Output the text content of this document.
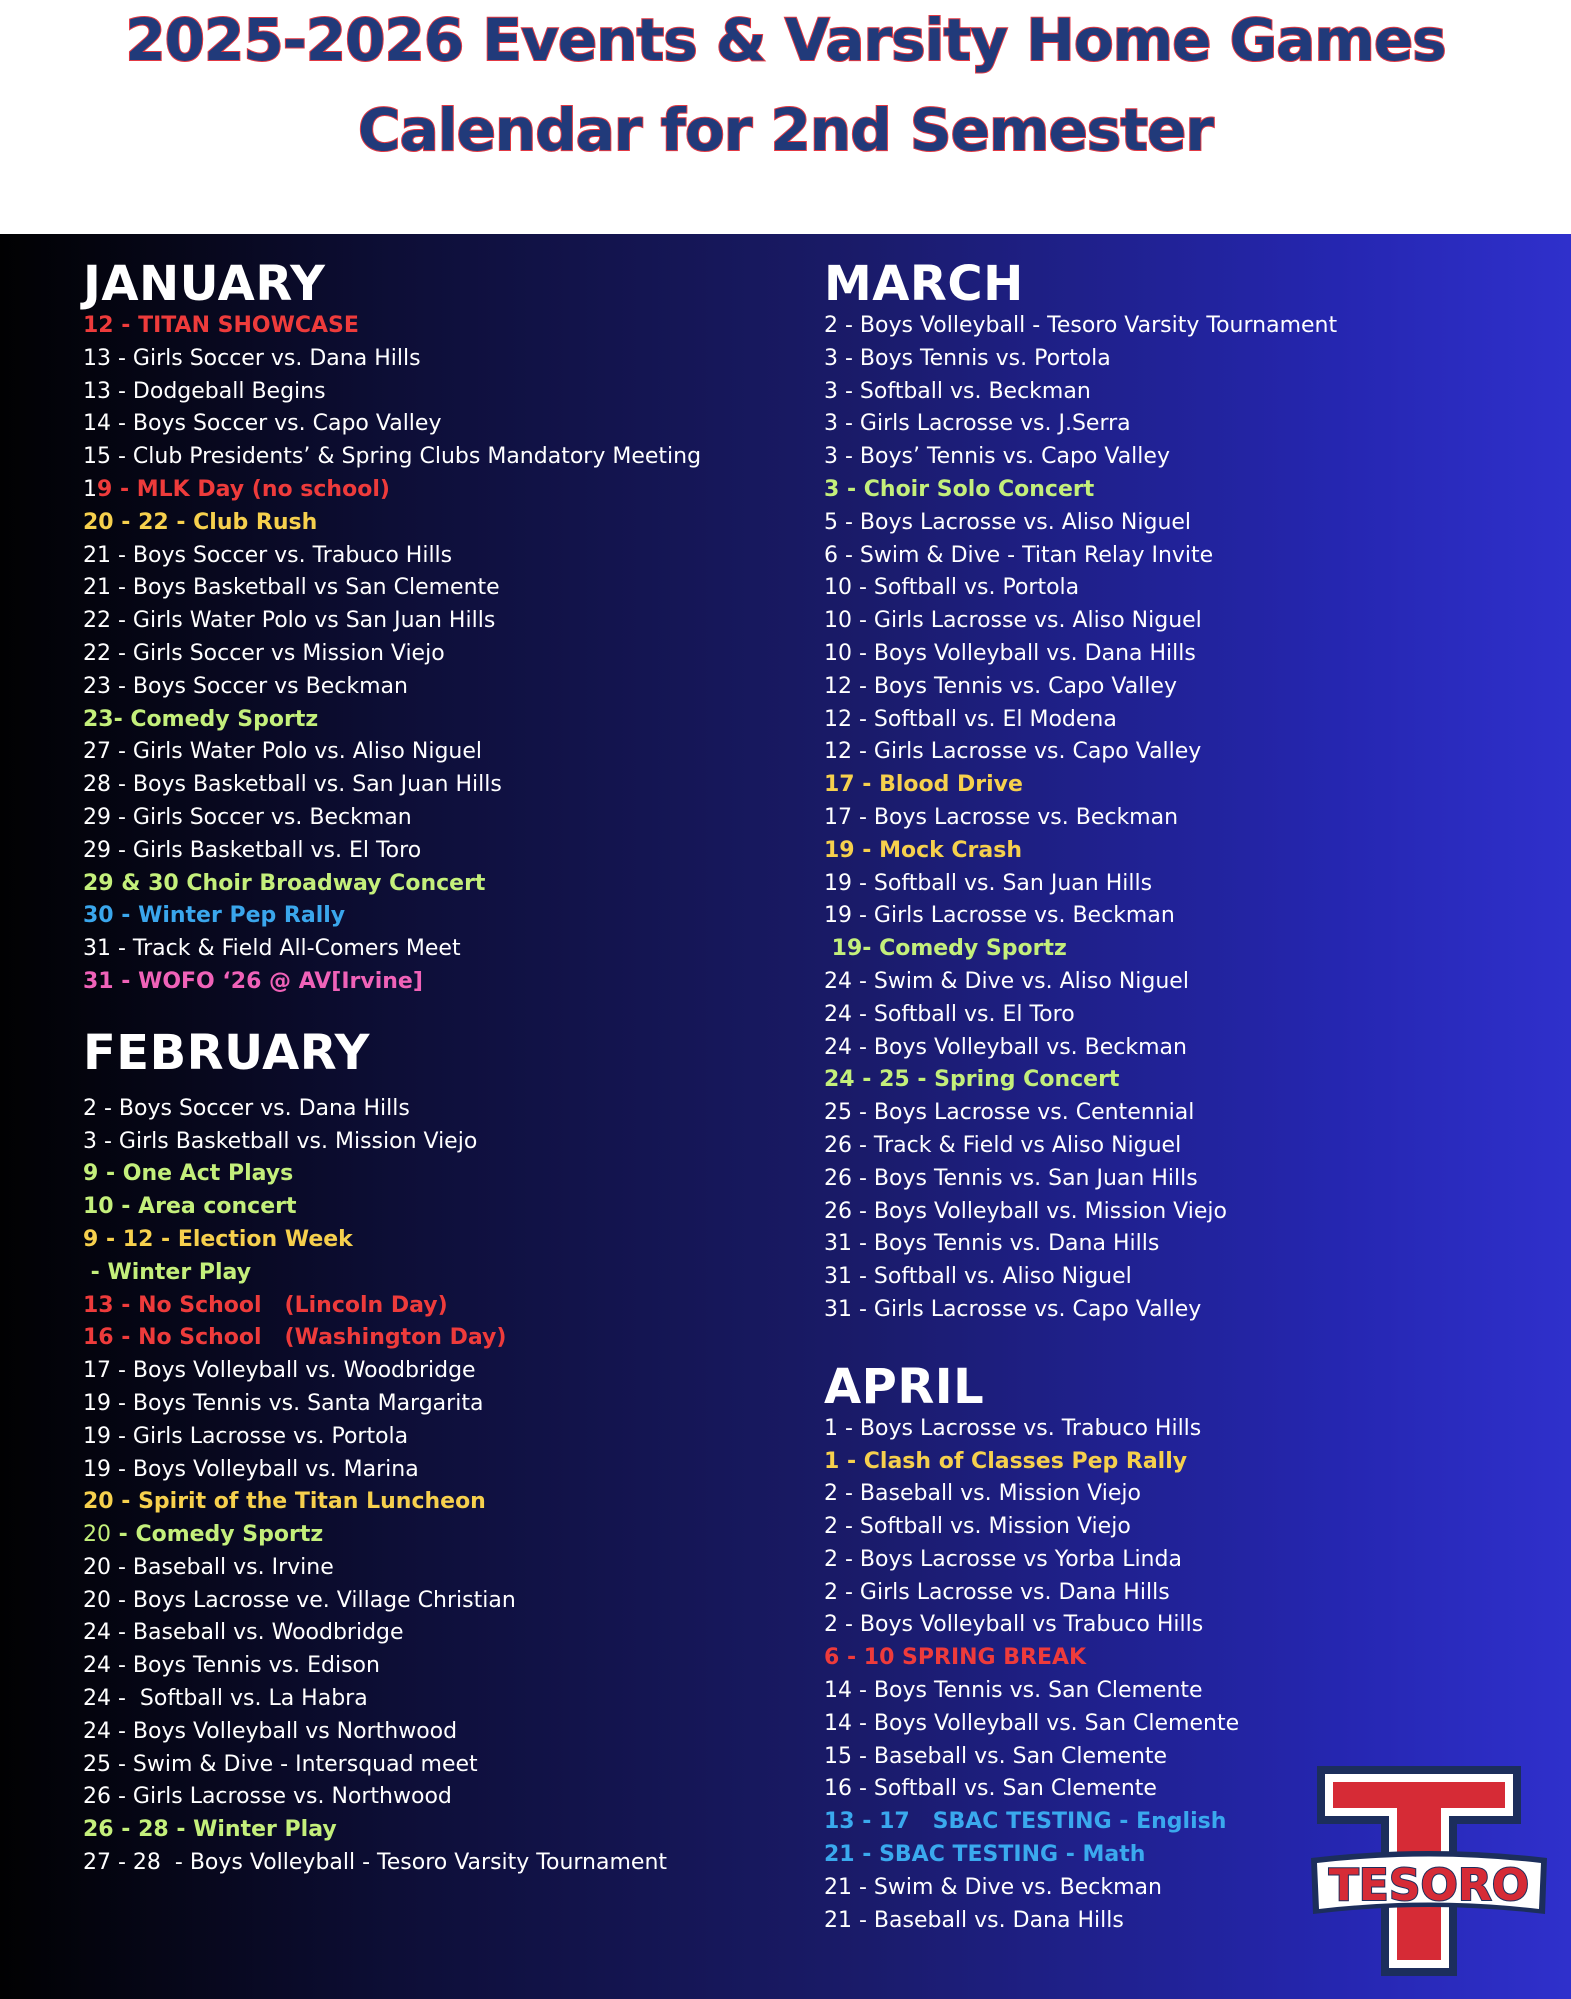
2025-2026 Events & Varsity Home Games
Calendar for 2nd Semester
JANUARY
12 - TITAN SHOWCASE
13 - Girls Soccer vs. Dana Hills
13 - Dodgeball Begins
14 - Boys Soccer vs. Capo Valley
15 - Club Presidents’ & Spring Clubs Mandatory Meeting
19 - MLK Day (no school)
20 - 22 - Club Rush
21 - Boys Soccer vs. Trabuco Hills
21 - Boys Basketball vs San Clemente
22 - Girls Water Polo vs San Juan Hills
22 - Girls Soccer vs Mission Viejo
23 - Boys Soccer vs Beckman
23- Comedy Sportz
27 - Girls Water Polo vs. Aliso Niguel
28 - Boys Basketball vs. San Juan Hills
29 - Girls Soccer vs. Beckman
29 - Girls Basketball vs. El Toro
29 & 30 Choir Broadway Concert
30 - Winter Pep Rally
31 - Track & Field All-Comers Meet
31 - WOFO ‘26 @ AV[Irvine]
FEBRUARY
2 - Boys Soccer vs. Dana Hills
3 - Girls Basketball vs. Mission Viejo
9 - One Act Plays
10 - Area concert
9 - 12 - Election Week
- Winter Play
13 - No School   (Lincoln Day)
16 - No School   (Washington Day)
17 - Boys Volleyball vs. Woodbridge
19 - Boys Tennis vs. Santa Margarita
19 - Girls Lacrosse vs. Portola
19 - Boys Volleyball vs. Marina
20 - Spirit of the Titan Luncheon
20 - Comedy Sportz
20 - Baseball vs. Irvine
20 - Boys Lacrosse ve. Village Christian
24 - Baseball vs. Woodbridge
24 - Boys Tennis vs. Edison
24 -  Softball vs. La Habra
24 - Boys Volleyball vs Northwood
25 - Swim & Dive - Intersquad meet
26 - Girls Lacrosse vs. Northwood
26 - 28 - Winter Play
27 - 28  - Boys Volleyball - Tesoro Varsity Tournament
MARCH
2 - Boys Volleyball - Tesoro Varsity Tournament
3 - Boys Tennis vs. Portola
3 - Softball vs. Beckman
3 - Girls Lacrosse vs. J.Serra
3 - Boys’ Tennis vs. Capo Valley
3 - Choir Solo Concert
5 - Boys Lacrosse vs. Aliso Niguel
6 - Swim & Dive - Titan Relay Invite
10 - Softball vs. Portola
10 - Girls Lacrosse vs. Aliso Niguel
10 - Boys Volleyball vs. Dana Hills
12 - Boys Tennis vs. Capo Valley
12 - Softball vs. El Modena
12 - Girls Lacrosse vs. Capo Valley
17 - Blood Drive
17 - Boys Lacrosse vs. Beckman
19 - Mock Crash
19 - Softball vs. San Juan Hills
19 - Girls Lacrosse vs. Beckman
19- Comedy Sportz
24 - Swim & Dive vs. Aliso Niguel
24 - Softball vs. El Toro
24 - Boys Volleyball vs. Beckman
24 - 25 - Spring Concert
25 - Boys Lacrosse vs. Centennial
26 - Track & Field vs Aliso Niguel
26 - Boys Tennis vs. San Juan Hills
26 - Boys Volleyball vs. Mission Viejo
31 - Boys Tennis vs. Dana Hills
31 - Softball vs. Aliso Niguel
31 - Girls Lacrosse vs. Capo Valley
APRIL
1 - Boys Lacrosse vs. Trabuco Hills
1 - Clash of Classes Pep Rally
2 - Baseball vs. Mission Viejo
2 - Softball vs. Mission Viejo
2 - Boys Lacrosse vs Yorba Linda
2 - Girls Lacrosse vs. Dana Hills
2 - Boys Volleyball vs Trabuco Hills
6 - 10 SPRING BREAK
14 - Boys Tennis vs. San Clemente
14 - Boys Volleyball vs. San Clemente
15 - Baseball vs. San Clemente
16 - Softball vs. San Clemente
13 - 17   SBAC TESTING - English
21 - SBAC TESTING - Math
21 - Swim & Dive vs. Beckman
21 - Baseball vs. Dana Hills
TESORO
